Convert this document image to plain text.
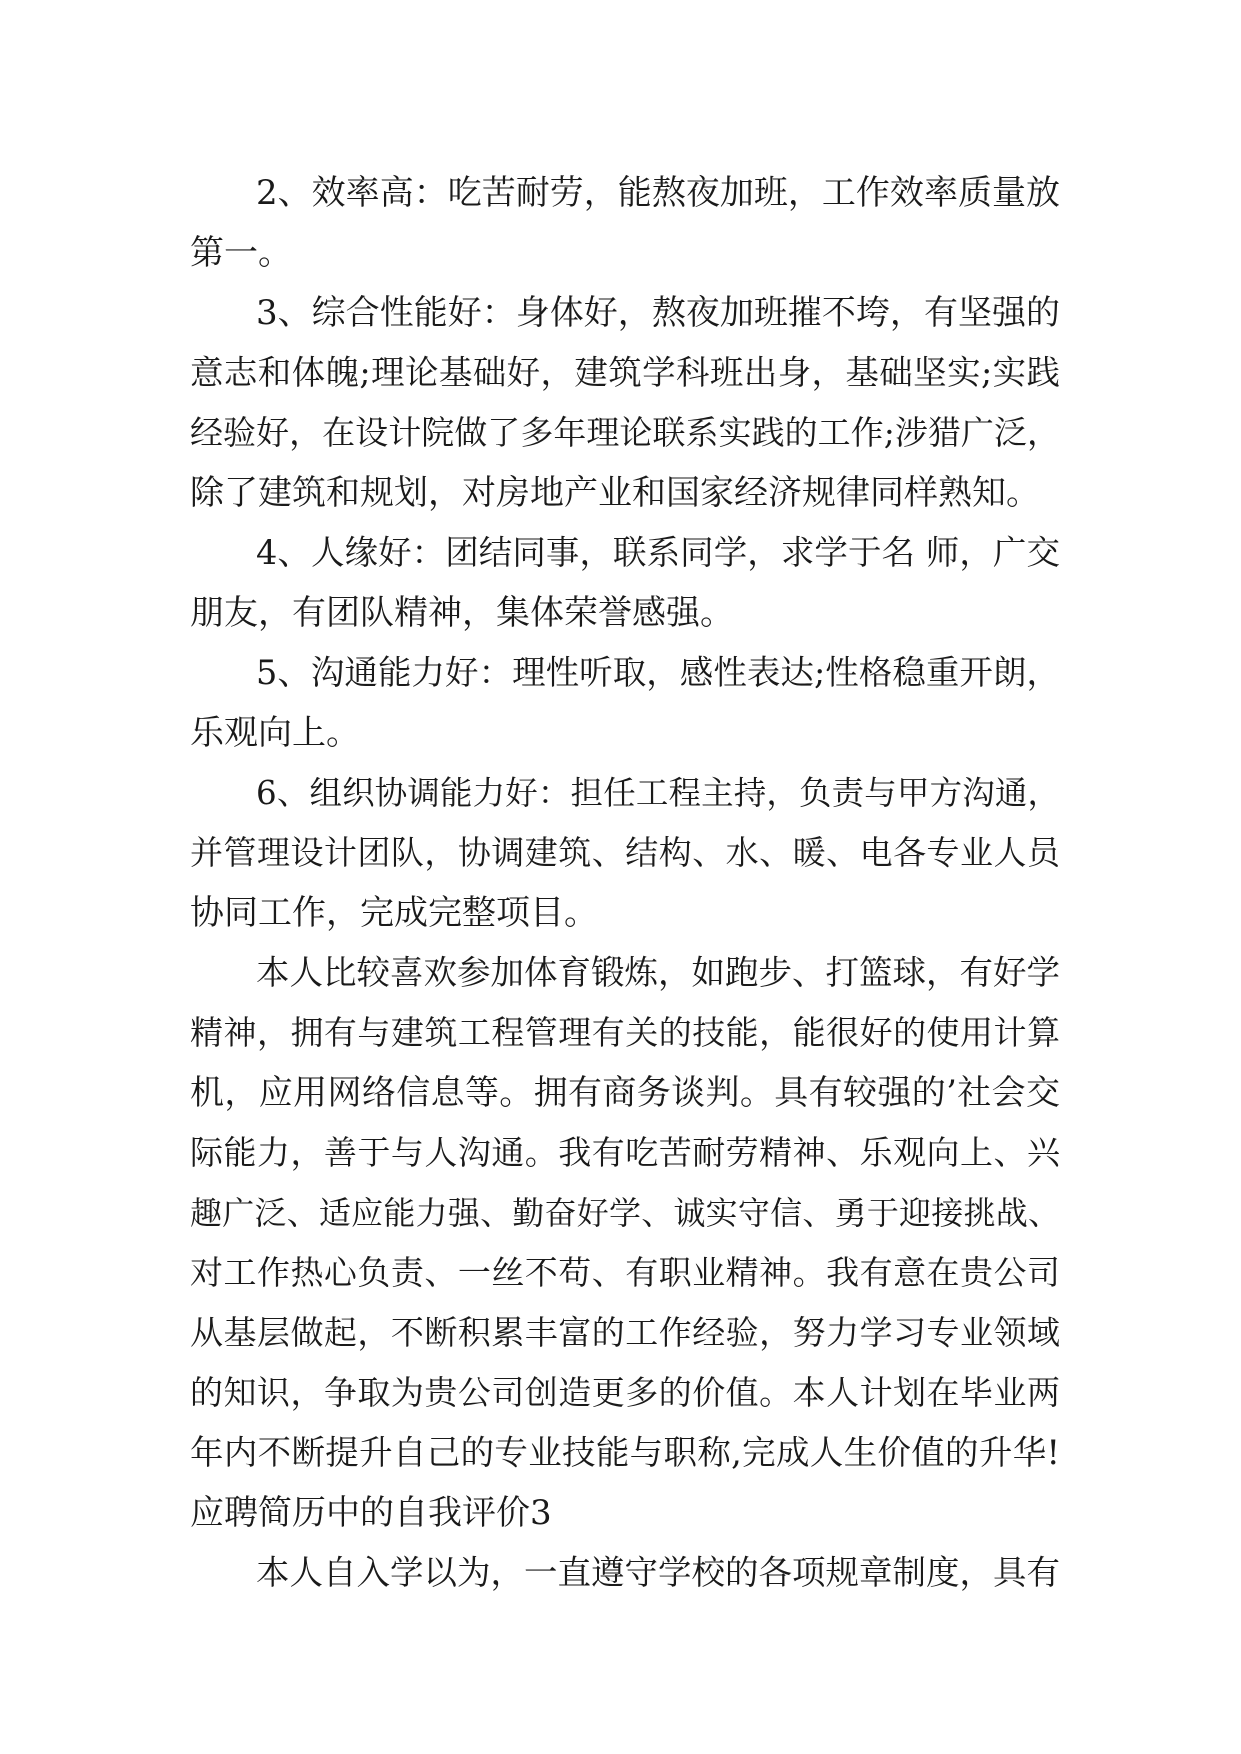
2、效率高：吃苦耐劳，能熬夜加班，工作效率质量放
第一。
3、综合性能好：身体好，熬夜加班摧不垮，有坚强的
意志和体魄;理论基础好，建筑学科班出身，基础坚实;实践
经验好，在设计院做了多年理论联系实践的工作;涉猎广泛，
除了建筑和规划，对房地产业和国家经济规律同样熟知。
4、人缘好：团结同事，联系同学，求学于名 师，广交
朋友，有团队精神，集体荣誉感强。
5、沟通能力好：理性听取，感性表达;性格稳重开朗，
乐观向上。
6、组织协调能力好：担任工程主持，负责与甲方沟通，
并管理设计团队，协调建筑、结构、水、暖、电各专业人员
协同工作，完成完整项目。
本人比较喜欢参加体育锻炼，如跑步、打篮球，有好学
精神，拥有与建筑工程管理有关的技能，能很好的使用计算
机，应用网络信息等。拥有商务谈判。具有较强的’社会交
际能力，善于与人沟通。我有吃苦耐劳精神、乐观向上、兴
趣广泛、适应能力强、勤奋好学、诚实守信、勇于迎接挑战、
对工作热心负责、一丝不苟、有职业精神。我有意在贵公司
从基层做起，不断积累丰富的工作经验，努力学习专业领域
的知识，争取为贵公司创造更多的价值。本人计划在毕业两
年内不断提升自己的专业技能与职称,完成人生价值的升华!
应聘简历中的自我评价3
本人自入学以为，一直遵守学校的各项规章制度，具有
